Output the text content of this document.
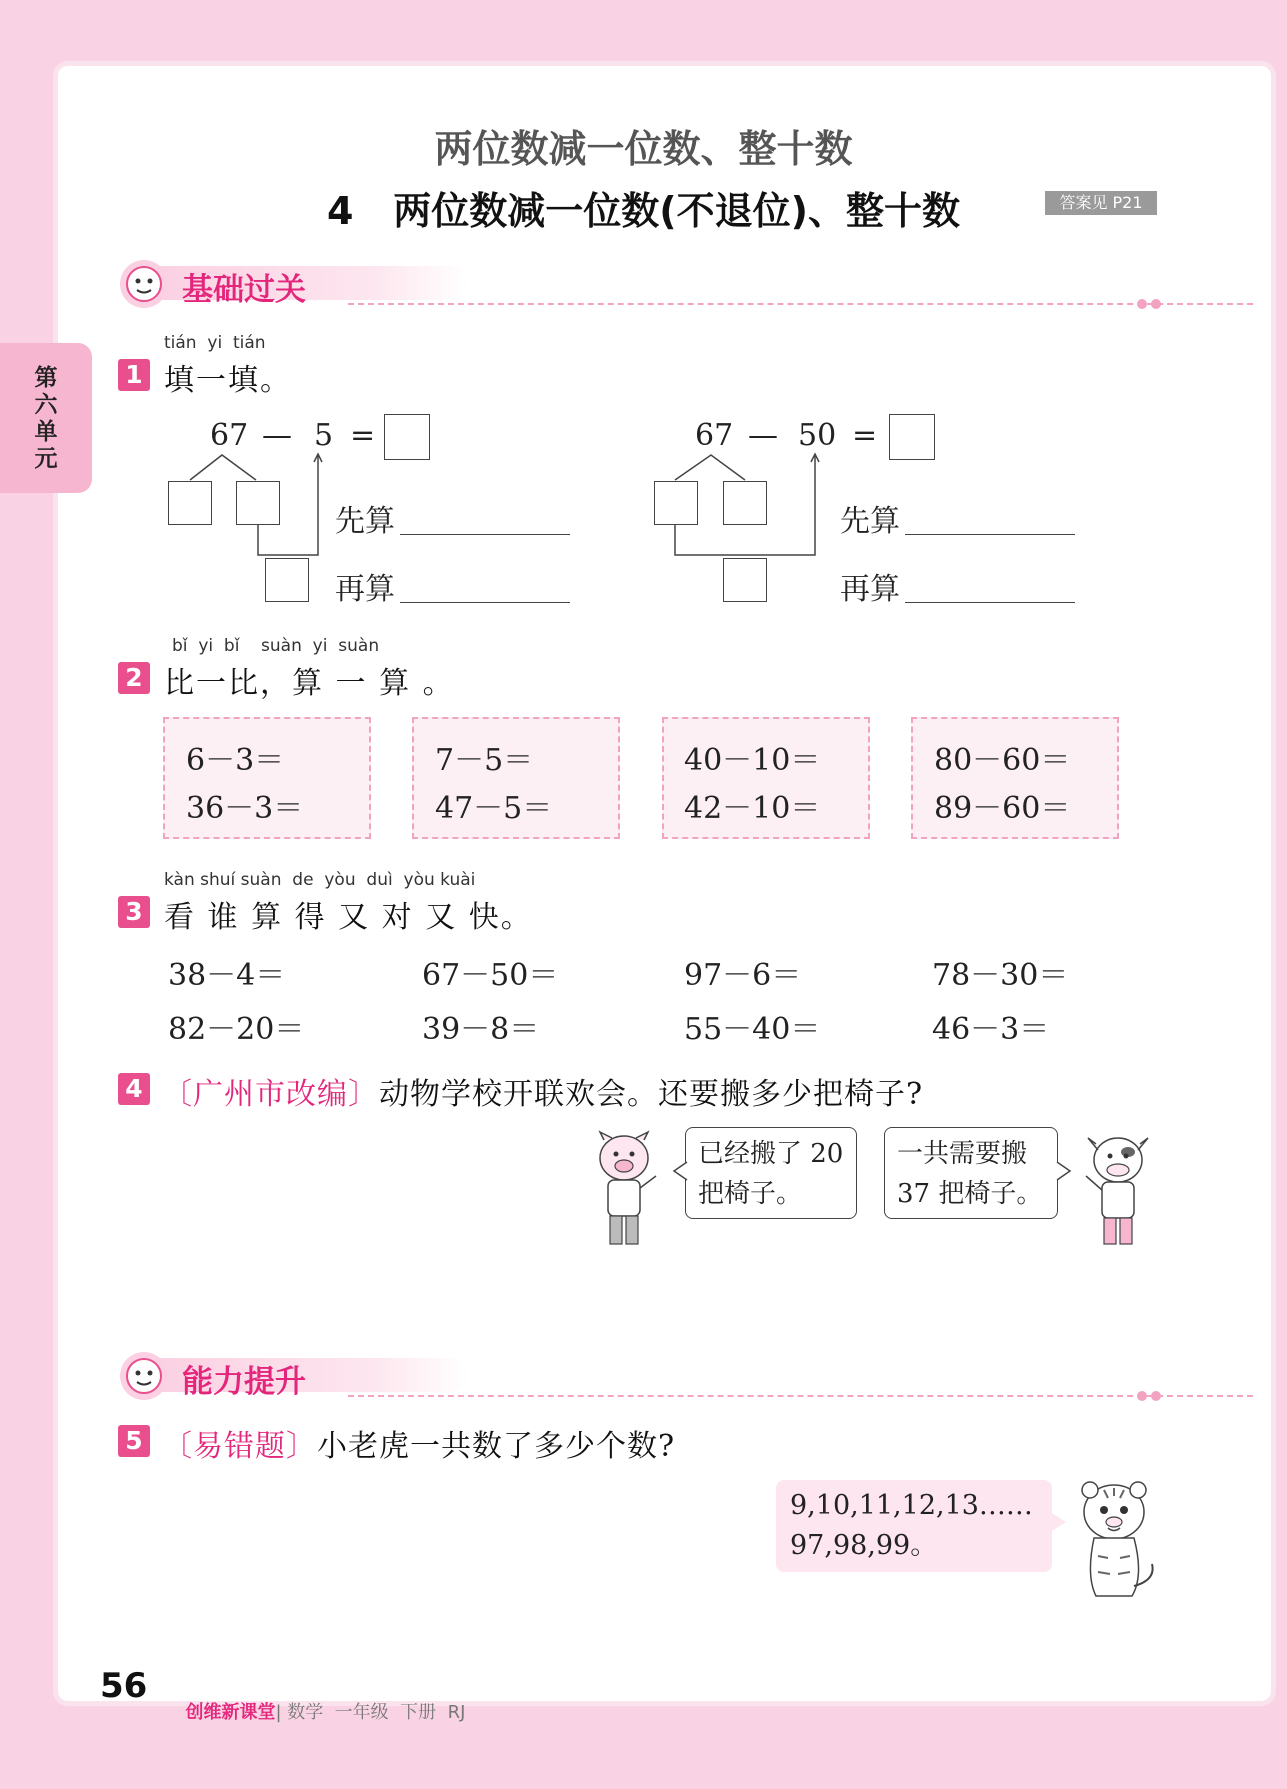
两位数减一位数、整十数
4 两位数减一位数(不退位)、整十数	答案见 P21
第六单元
基础过关
tián  yi  tián
1 填一填。
67 — 5 =
先算
再算
67 — 50 =
先算
再算
bǐ  yi  bǐ    suàn  yi  suàn
2 比一比，算 一 算 。
6－3＝
36－3＝
7－5＝
47－5＝
40－10＝
42－10＝
80－60＝
89－60＝
kàn shuí suàn  de  yòu  duì  yòu kuài
3 看 谁 算 得 又 对 又 快。
38－4＝	67－50＝	97－6＝	78－30＝
82－20＝	39－8＝	55－40＝	46－3＝
4 〔广州市改编〕动物学校开联欢会。还要搬多少把椅子?
已经搬了 20
把椅子。
一共需要搬
37 把椅子。
能力提升
5 〔易错题〕小老虎一共数了多少个数?
9,10,11,12,13……
97,98,99。
56

创维新课堂| 数学  一年级  下册  RJ
